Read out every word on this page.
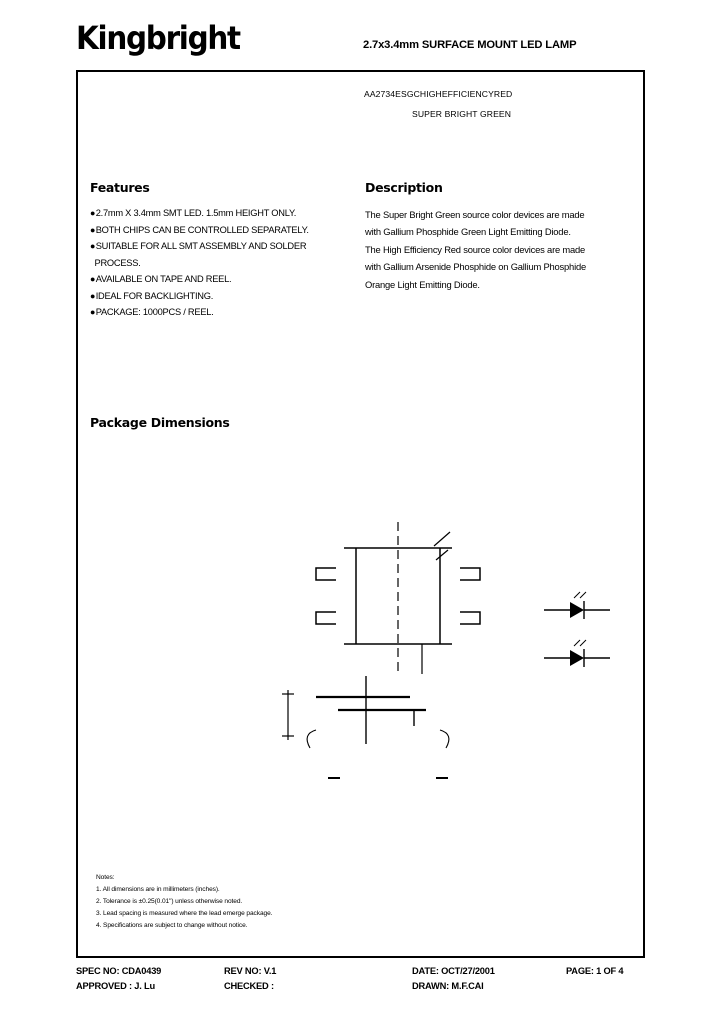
Kingbright	2.7x3.4mm SURFACE MOUNT LED LAMP
AA2734ESGCHIGHEFFICIENCYRED
SUPER BRIGHT GREEN
Features
●2.7mm X 3.4mm SMT LED. 1.5mm HEIGHT ONLY.
●BOTH CHIPS CAN BE CONTROLLED SEPARATELY.
●SUITABLE FOR ALL SMT ASSEMBLY AND SOLDER
PROCESS.
●AVAILABLE ON TAPE AND REEL.
●IDEAL FOR BACKLIGHTING.
●PACKAGE: 1000PCS / REEL.
Description
The Super Bright Green source color devices are made
with Gallium Phosphide Green Light Emitting Diode.
The High Efficiency Red source color devices are made
with Gallium Arsenide Phosphide on Gallium Phosphide
Orange Light Emitting Diode.
Package Dimensions
Notes:
1. All dimensions are in millimeters (inches).
2. Tolerance is ±0.25(0.01") unless otherwise noted.
3. Lead spacing is measured where the lead emerge package.
4. Specifications are subject to change without notice.
SPEC NO: CDA0439	REV NO: V.1	DATE: OCT/27/2001	PAGE: 1 OF 4
APPROVED : J. Lu	CHECKED :	DRAWN: M.F.CAI
